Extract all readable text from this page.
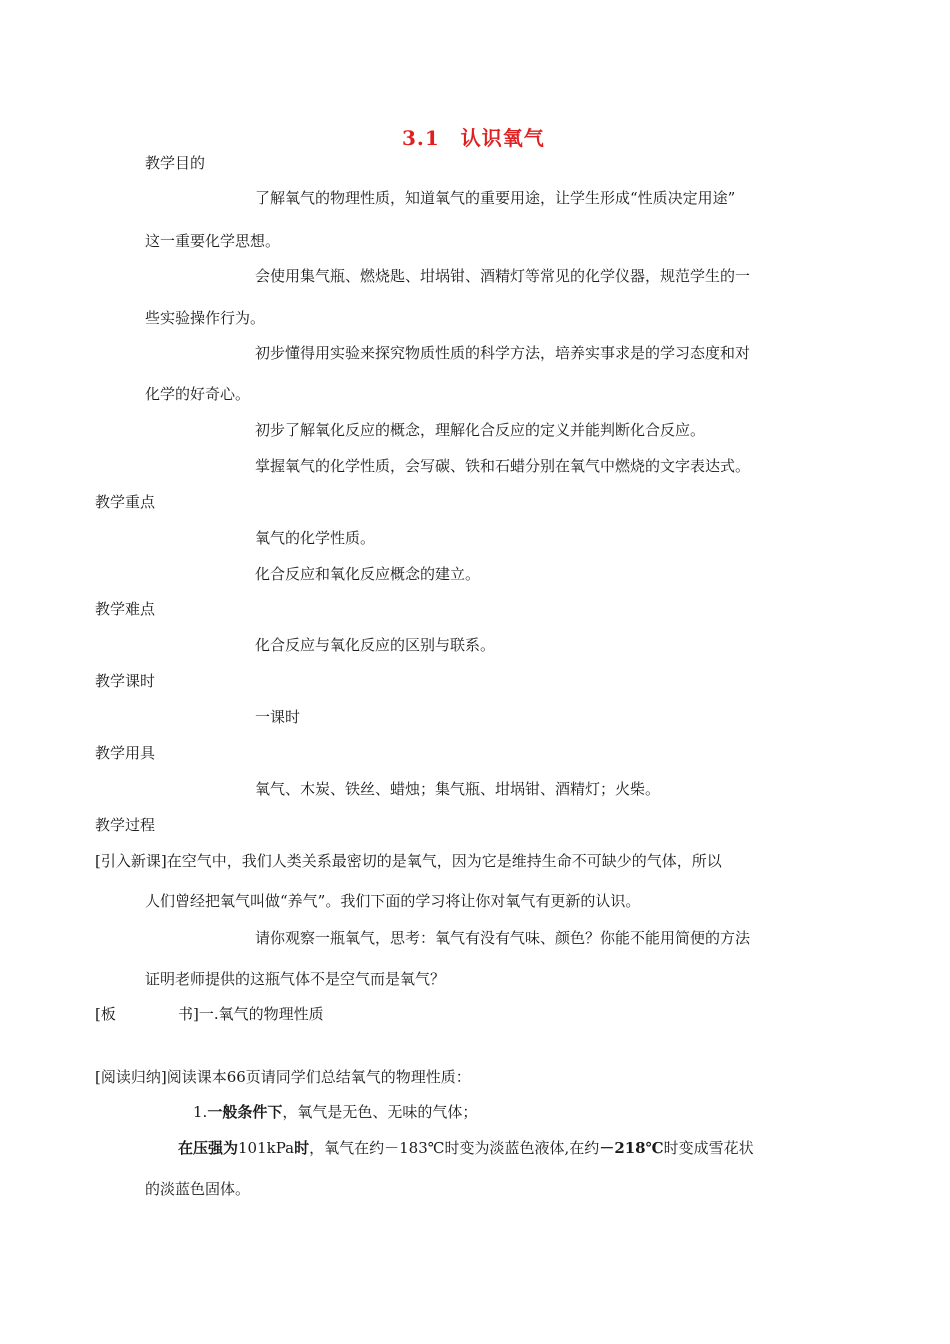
3.1　认识氧气
教学目的
了解氧气的物理性质，知道氧气的重要用途，让学生形成“性质决定用途”
这一重要化学思想。
会使用集气瓶、燃烧匙、坩埚钳、酒精灯等常见的化学仪器，规范学生的一
些实验操作行为。
初步懂得用实验来探究物质性质的科学方法，培养实事求是的学习态度和对
化学的好奇心。
初步了解氧化反应的概念，理解化合反应的定义并能判断化合反应。
掌握氧气的化学性质，会写碳、铁和石蜡分别在氧气中燃烧的文字表达式。
教学重点
氧气的化学性质。
化合反应和氧化反应概念的建立。
教学难点
化合反应与氧化反应的区别与联系。
教学课时
一课时
教学用具
氧气、木炭、铁丝、蜡烛；集气瓶、坩埚钳、酒精灯；火柴。
教学过程
[引入新课]在空气中，我们人类关系最密切的是氧气，因为它是维持生命不可缺少的气体，所以
人们曾经把氧气叫做“养气”。我们下面的学习将让你对氧气有更新的认识。
请你观察一瓶氧气，思考：氧气有没有气味、颜色？你能不能用简便的方法
证明老师提供的这瓶气体不是空气而是氧气？
[板	书]一.氧气的物理性质
[阅读归纳]阅读课本66页请同学们总结氧气的物理性质：
1.一般条件下，氧气是无色、无味的气体；
在压强为101kPa时，氧气在约－183℃时变为淡蓝色液体,在约－218℃时变成雪花状
的淡蓝色固体。
